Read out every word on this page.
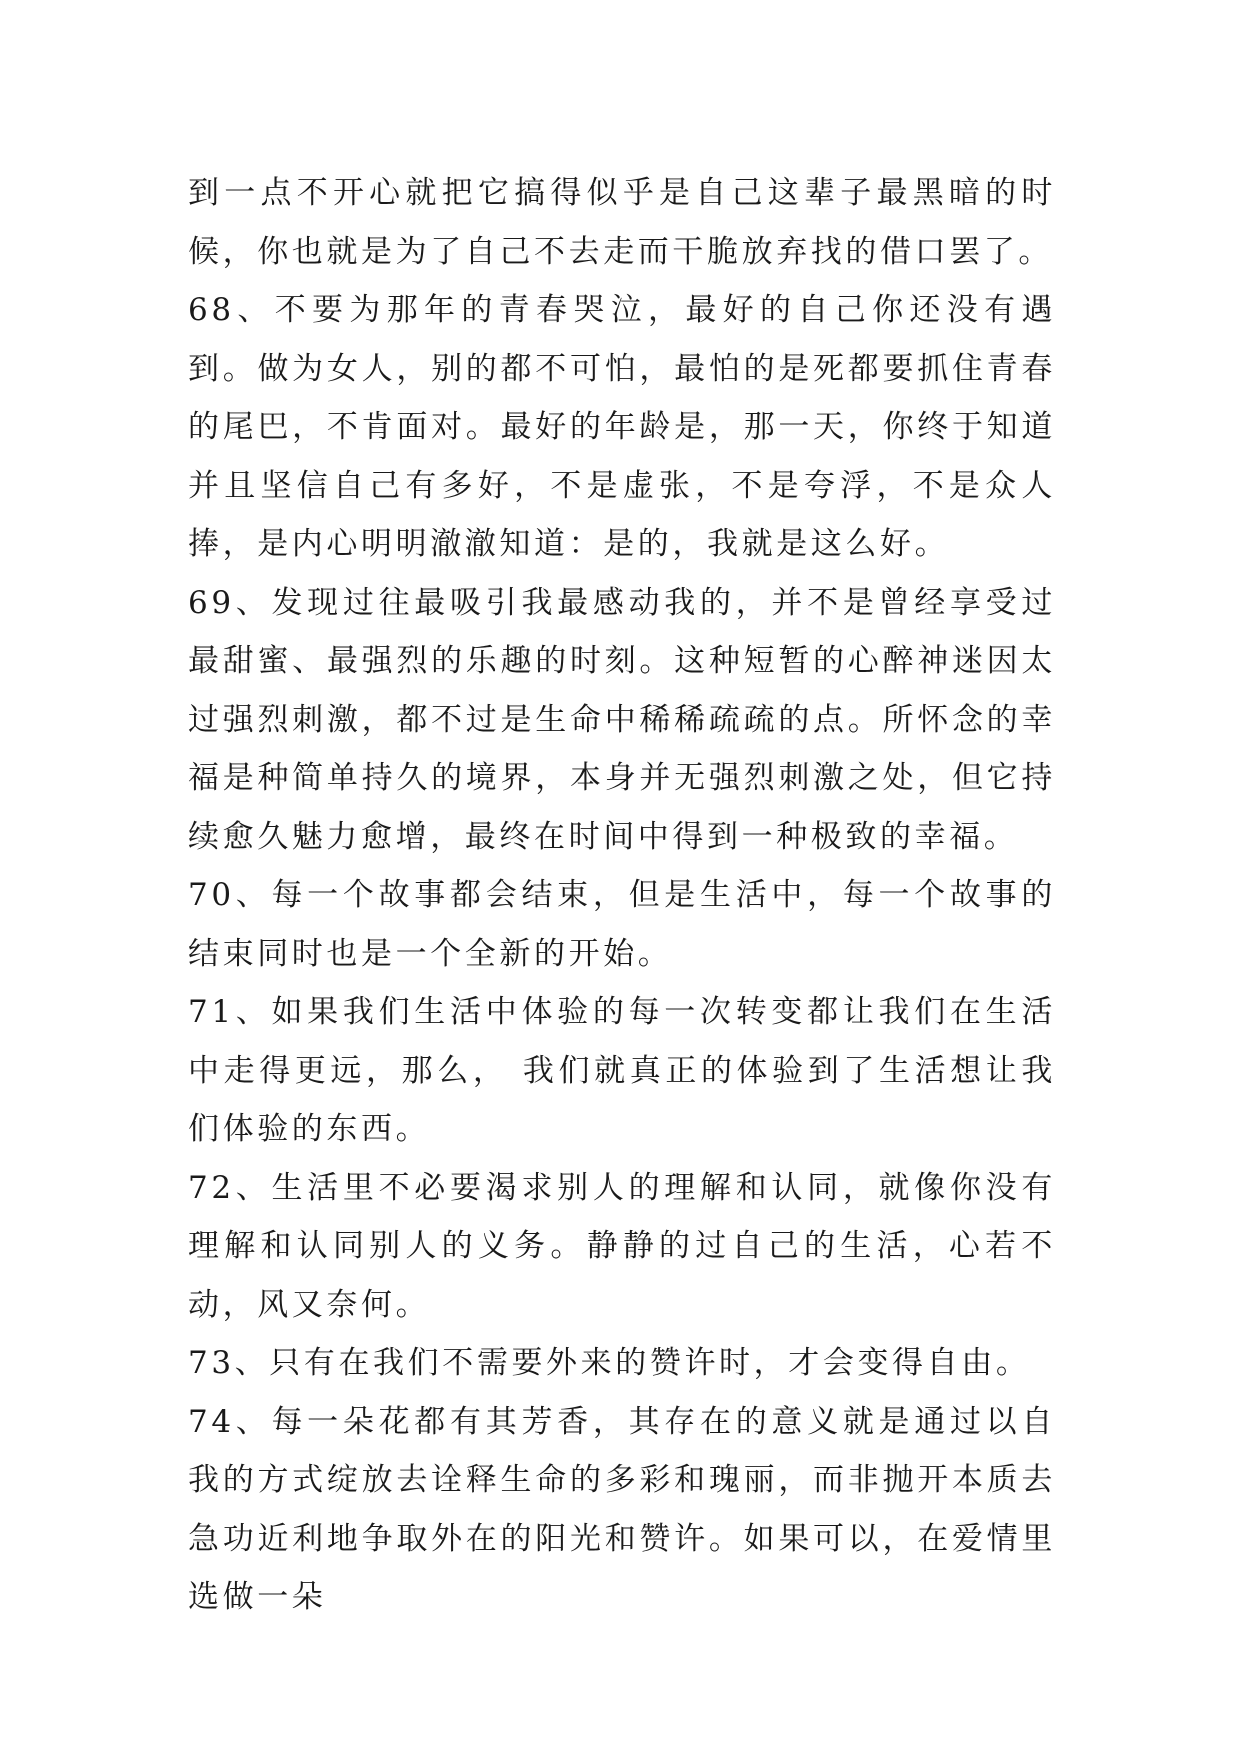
到一点不开心就把它搞得似乎是自己这辈子最黑暗的时候，你也就是为了自己不去走而干脆放弃找的借口罢了。

68、不要为那年的青春哭泣，最好的自己你还没有遇到。做为女人，别的都不可怕，最怕的是死都要抓住青春的尾巴，不肯面对。最好的年龄是，那一天，你终于知道并且坚信自己有多好，不是虚张，不是夸浮，不是众人捧，是内心明明澈澈知道：是的，我就是这么好。

69、发现过往最吸引我最感动我的，并不是曾经享受过最甜蜜、最强烈的乐趣的时刻。这种短暂的心醉神迷因太过强烈刺激，都不过是生命中稀稀疏疏的点。所怀念的幸福是种简单持久的境界，本身并无强烈刺激之处，但它持续愈久魅力愈增，最终在时间中得到一种极致的幸福。

70、每一个故事都会结束，但是生活中，每一个故事的结束同时也是一个全新的开始。

71、如果我们生活中体验的每一次转变都让我们在生活中走得更远，那么， 我们就真正的体验到了生活想让我们体验的东西。

72、生活里不必要渴求别人的理解和认同，就像你没有理解和认同别人的义务。静静的过自己的生活，心若不动，风又奈何。

73、只有在我们不需要外来的赞许时，才会变得自由。

74、每一朵花都有其芳香，其存在的意义就是通过以自我的方式绽放去诠释生命的多彩和瑰丽，而非抛开本质去急功近利地争取外在的阳光和赞许。如果可以，在爱情里选做一朵
